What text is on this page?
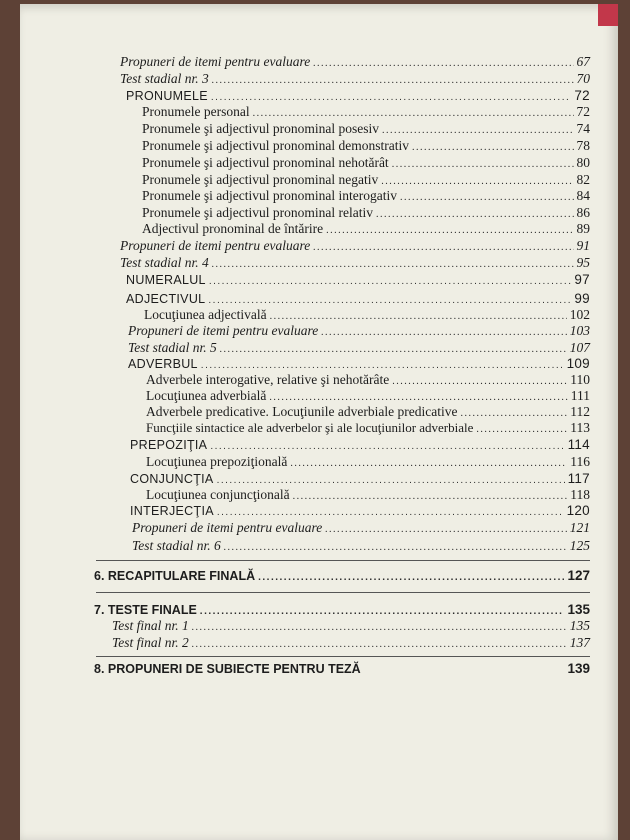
Propuneri de itemi pentru evaluare .....	67
Test stadial nr. 3 .....	70
PRONUMELE .....	72
Pronumele personal .....	72
Pronumele şi adjectivul pronominal posesiv .....	74
Pronumele şi adjectivul pronominal demonstrativ .....	78
Pronumele şi adjectivul pronominal nehotărât .....	80
Pronumele şi adjectivul pronominal negativ .....	82
Pronumele şi adjectivul pronominal interogativ .....	84
Pronumele şi adjectivul pronominal relativ .....	86
Adjectivul pronominal de întărire .....	89
Propuneri de itemi pentru evaluare .....	91
Test stadial nr. 4 .....	95
NUMERALUL .....	97
ADJECTIVUL .....	99
Locuţiunea adjectivală .....	102
Propuneri de itemi pentru evaluare .....	103
Test stadial nr. 5 .....	107
ADVERBUL .....	109
Adverbele interogative, relative şi nehotărâte .....	110
Locuţiunea adverbială .....	111
Adverbele predicative. Locuţiunile adverbiale predicative .....	112
Funcţiile sintactice ale adverbelor şi ale locuţiunilor adverbiale .....	113
PREPOZIŢIA .....	114
Locuţiunea prepoziţională .....	116
CONJUNCŢIA .....	117
Locuţiunea conjuncţională .....	118
INTERJECŢIA .....	120
Propuneri de itemi pentru evaluare .....	121
Test stadial nr. 6 .....	125
6. RECAPITULARE FINALĂ .....	127
7. TESTE FINALE .....	135
Test final nr. 1 .....	135
Test final nr. 2 .....	137
8. PROPUNERI DE SUBIECTE PENTRU TEZĂ	139
